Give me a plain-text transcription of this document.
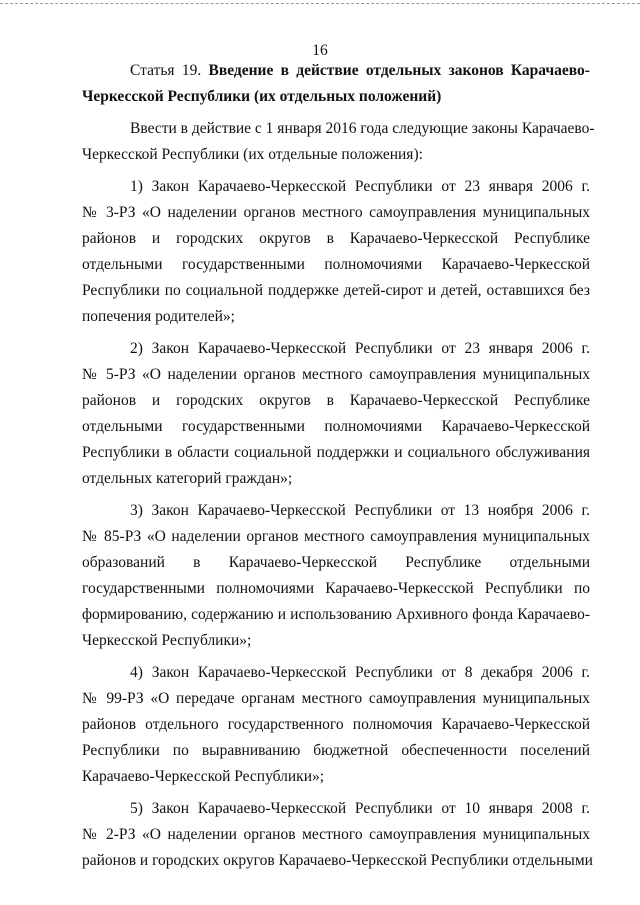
16
Статья 19. Введение в действие отдельных законов Карачаево-
Черкесской Республики (их отдельных положений)
Ввести в действие с 1 января 2016 года следующие законы Карачаево-
Черкесской Республики (их отдельные положения):
1) Закон Карачаево-Черкесской Республики от 23 января 2006 г.
№ 3-РЗ «О наделении органов местного самоуправления муниципальных
районов и городских округов в Карачаево-Черкесской Республике
отдельными государственными полномочиями Карачаево-Черкесской
Республики по социальной поддержке детей-сирот и детей, оставшихся без
попечения родителей»;
2) Закон Карачаево-Черкесской Республики от 23 января 2006 г.
№ 5-РЗ «О наделении органов местного самоуправления муниципальных
районов и городских округов в Карачаево-Черкесской Республике
отдельными государственными полномочиями Карачаево-Черкесской
Республики в области социальной поддержки и социального обслуживания
отдельных категорий граждан»;
3) Закон Карачаево-Черкесской Республики от 13 ноября 2006 г.
№ 85-РЗ «О наделении органов местного самоуправления муниципальных
образований в Карачаево-Черкесской Республике отдельными
государственными полномочиями Карачаево-Черкесской Республики по
формированию, содержанию и использованию Архивного фонда Карачаево-
Черкесской Республики»;
4) Закон Карачаево-Черкесской Республики от 8 декабря 2006 г.
№ 99-РЗ «О передаче органам местного самоуправления муниципальных
районов отдельного государственного полномочия Карачаево-Черкесской
Республики по выравниванию бюджетной обеспеченности поселений
Карачаево-Черкесской Республики»;
5) Закон Карачаево-Черкесской Республики от 10 января 2008 г.
№ 2-РЗ «О наделении органов местного самоуправления муниципальных
районов и городских округов Карачаево-Черкесской Республики отдельными
